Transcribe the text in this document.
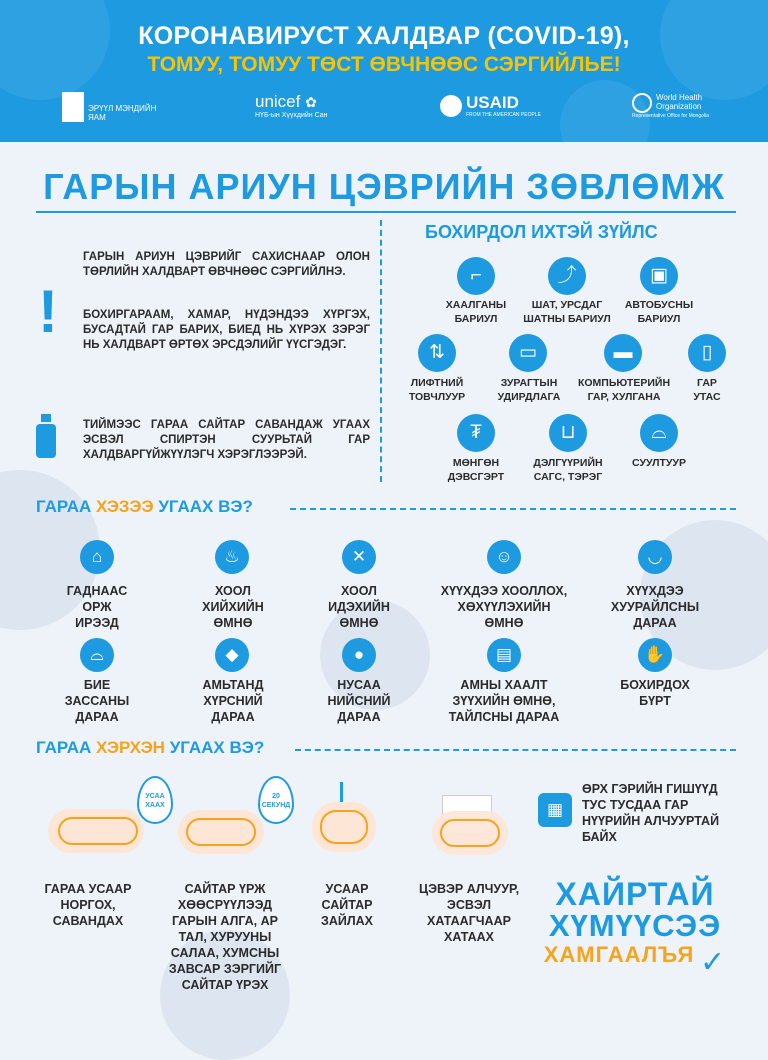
КОРОНАВИРУСТ ХАЛДВАР (COVID-19),
ТОМУУ, ТОМУУ ТӨСТ ӨВЧНӨӨС СЭРГИЙЛЬЕ!
ЭРҮҮЛ МЭНДИЙН ЯАМ
unicef ✿
НҮБ-ын Хүүхдийн Сан
USAID
FROM THE AMERICAN PEOPLE
World Health
Organization
Representative Office for Mongolia
ГАРЫН АРИУН ЦЭВРИЙН ЗӨВЛӨМЖ
ГАРЫН АРИУН ЦЭВРИЙГ САХИСНААР ОЛОН ТӨРЛИЙН ХАЛДВАРТ ӨВЧНӨӨС СЭРГИЙЛНЭ.
! БОХИРГАРААМ, ХАМАР, НҮДЭНДЭЭ ХҮРГЭХ, БУСАДТАЙ ГАР БАРИХ, БИЕД НЬ ХҮРЭХ ЗЭРЭГ НЬ ХАЛДВАРТ ӨРТӨХ ЭРСДЭЛИЙГ ҮҮСГЭДЭГ.
ТИЙМЭЭС ГАРАА САЙТАР САВАНДАЖ УГААХ ЭСВЭЛ СПИРТЭН СУУРЬТАЙ ГАР ХАЛДВАРГҮЙЖҮҮЛЭГЧ ХЭРЭГЛЭЭРЭЙ.
БОХИРДОЛ ИХТЭЙ ЗҮЙЛС
⌐
ХААЛГАНЫ
БАРИУЛ
⤴
ШАТ, УРСДАГ
ШАТНЫ БАРИУЛ
▣
АВТОБУСНЫ
БАРИУЛ
⇅
ЛИФТНИЙ
ТОВЧЛУУР
▭
ЗУРАГТЫН
УДИРДЛАГА
▬
КОМПЬЮТЕРИЙН
ГАР, ХУЛГАНА
▯
ГАР
УТАС
₮
МӨНГӨН
ДЭВСГЭРТ
⊔
ДЭЛГҮҮРИЙН
САГС, ТЭРЭГ
⌓
СУУЛТУУР
ГАРАА ХЭЗЭЭ УГААХ ВЭ?
⌂
ГАДНААС
ОРЖ
ИРЭЭД
♨
ХООЛ
ХИЙХИЙН
ӨМНӨ
✕
ХООЛ
ИДЭХИЙН
ӨМНӨ
☺
ХҮҮХДЭЭ ХООЛЛОХ,
ХӨХҮҮЛЭХИЙН
ӨМНӨ
◡
ХҮҮХДЭЭ
ХУУРАЙЛСНЫ
ДАРАА
⌓
БИЕ
ЗАССАНЫ
ДАРАА
◆
АМЬТАНД
ХҮРСНИЙ
ДАРАА
●
НУСАА
НИЙСНИЙ
ДАРАА
▤
АМНЫ ХААЛТ
ЗҮҮХИЙН ӨМНӨ,
ТАЙЛСНЫ ДАРАА
✋
БОХИРДОХ
БҮРТ
ГАРАА ХЭРХЭН УГААХ ВЭ?
УСАА
ХААХ
20
СЕКУНД
ГАРАА УСААР
НОРГОХ,
САВАНДАХ
САЙТАР ҮРЖ
ХӨӨСРҮҮЛЭЭД
ГАРЫН АЛГА, АР
ТАЛ, ХУРУУНЫ
САЛАА, ХУМСНЫ
ЗАВСАР ЗЭРГИЙГ
САЙТАР ҮРЭХ
УСААР
САЙТАР
ЗАЙЛАХ
ЦЭВЭР АЛЧУУР,
ЭСВЭЛ
ХАТААГЧААР
ХАТААХ
▦
ӨРХ ГЭРИЙН ГИШҮҮД
ТУС ТУСДАА ГАР
НҮҮРИЙН АЛЧУУРТАЙ
БАЙХ
ХАЙРТАЙ
ХҮМҮҮСЭЭ
ХАМГААЛЪЯ ✓
